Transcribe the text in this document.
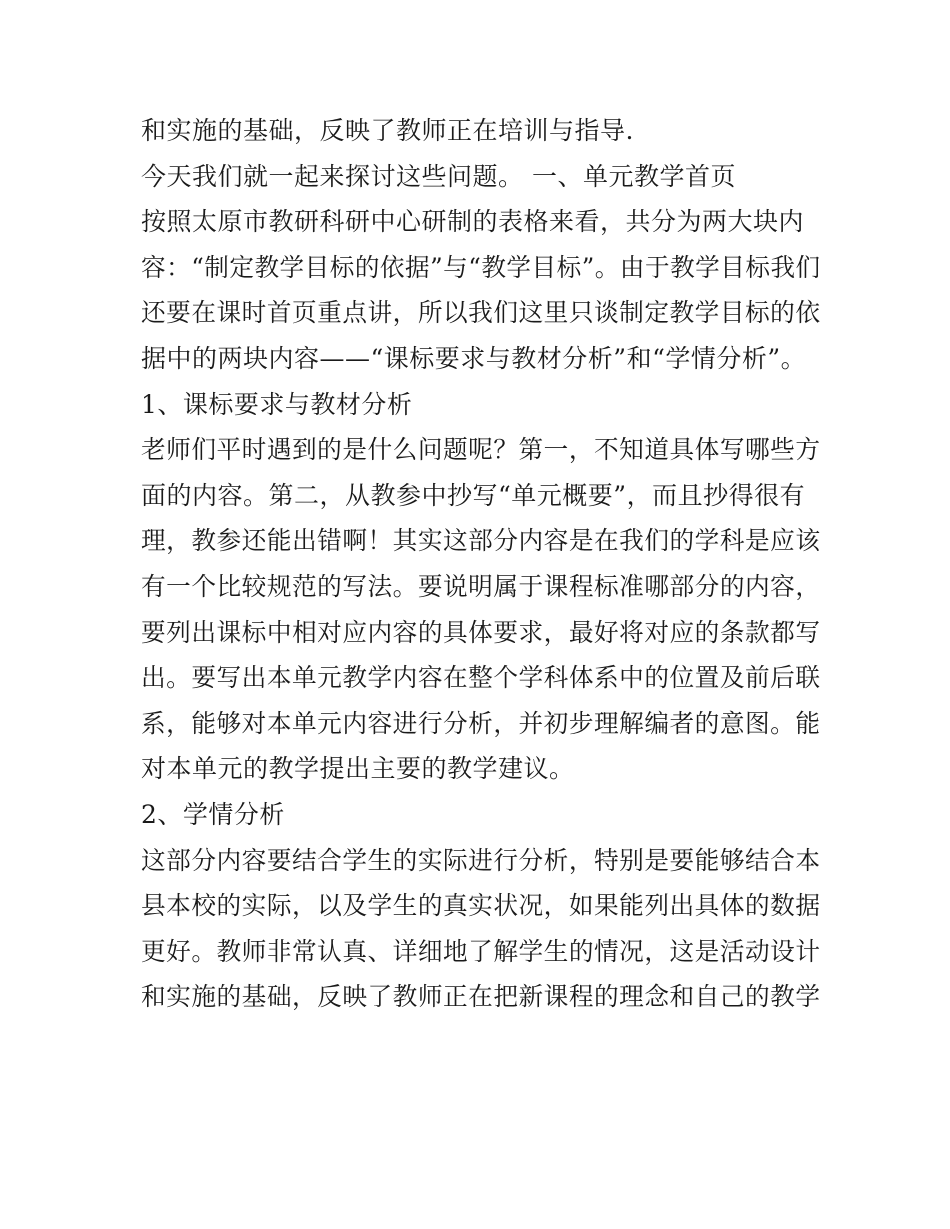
和实施的基础，反映了教师正在培训与指导.
今天我们就一起来探讨这些问题。 一、单元教学首页
按照太原市教研科研中心研制的表格来看，共分为两大块内
容：“制定教学目标的依据”与“教学目标”。由于教学目标我们
还要在课时首页重点讲，所以我们这里只谈制定教学目标的依
据中的两块内容——“课标要求与教材分析”和“学情分析”。
1、课标要求与教材分析
老师们平时遇到的是什么问题呢？第一，不知道具体写哪些方
面的内容。第二，从教参中抄写“单元概要”，而且抄得很有
理，教参还能出错啊！其实这部分内容是在我们的学科是应该
有一个比较规范的写法。要说明属于课程标准哪部分的内容，
要列出课标中相对应内容的具体要求，最好将对应的条款都写
出。要写出本单元教学内容在整个学科体系中的位置及前后联
系，能够对本单元内容进行分析，并初步理解编者的意图。能
对本单元的教学提出主要的教学建议。
2、学情分析
这部分内容要结合学生的实际进行分析，特别是要能够结合本
县本校的实际，以及学生的真实状况，如果能列出具体的数据
更好。教师非常认真、详细地了解学生的情况，这是活动设计
和实施的基础，反映了教师正在把新课程的理念和自己的教学
